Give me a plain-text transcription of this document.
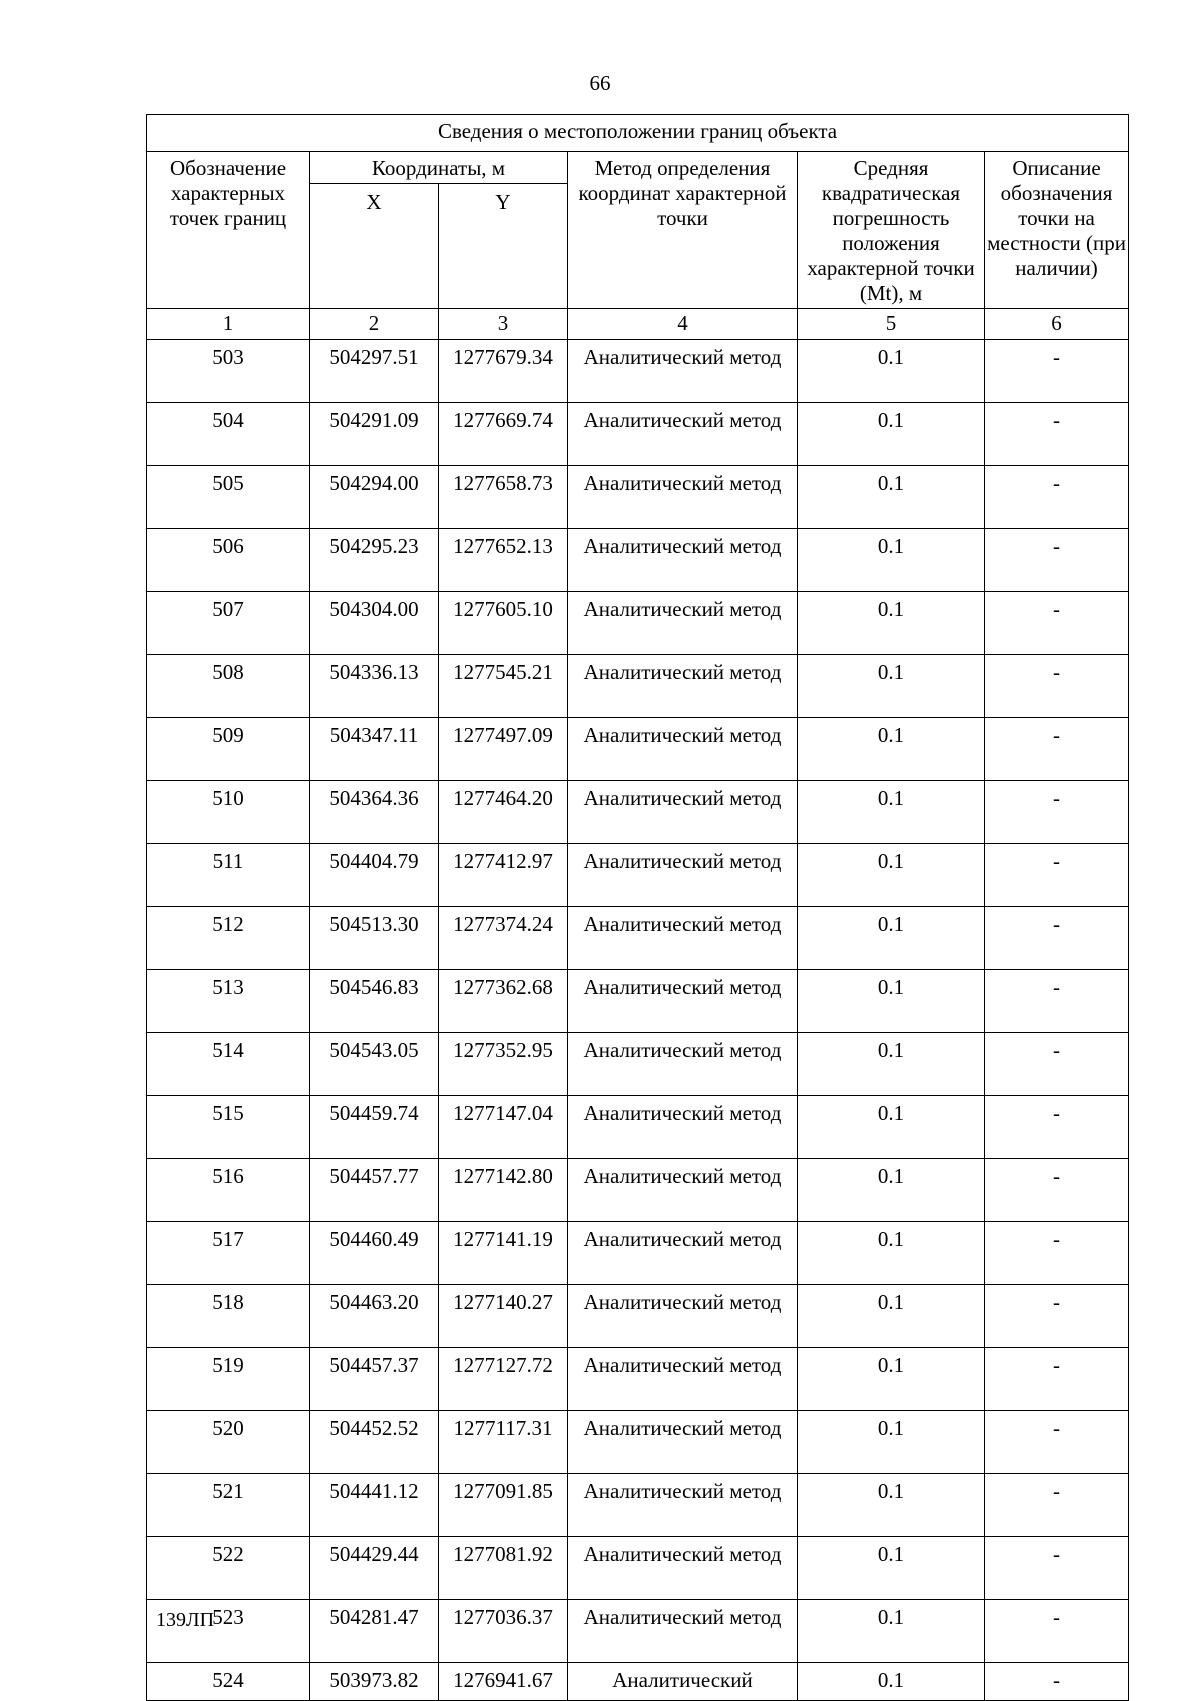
66
Сведения о местоположении границ объекта					
Обозначение характерных точек границ	Координаты, м		Метод определения координат характерной точки	Средняя квадратическая погрешность положения характерной точки (Mt), м	Описание обозначения точки на местности (при наличии)
	X	Y			
1	2	3	4	5	6
503	504297.51	1277679.34	Аналитический метод	0.1	-
504	504291.09	1277669.74	Аналитический метод	0.1	-
505	504294.00	1277658.73	Аналитический метод	0.1	-
506	504295.23	1277652.13	Аналитический метод	0.1	-
507	504304.00	1277605.10	Аналитический метод	0.1	-
508	504336.13	1277545.21	Аналитический метод	0.1	-
509	504347.11	1277497.09	Аналитический метод	0.1	-
510	504364.36	1277464.20	Аналитический метод	0.1	-
511	504404.79	1277412.97	Аналитический метод	0.1	-
512	504513.30	1277374.24	Аналитический метод	0.1	-
513	504546.83	1277362.68	Аналитический метод	0.1	-
514	504543.05	1277352.95	Аналитический метод	0.1	-
515	504459.74	1277147.04	Аналитический метод	0.1	-
516	504457.77	1277142.80	Аналитический метод	0.1	-
517	504460.49	1277141.19	Аналитический метод	0.1	-
518	504463.20	1277140.27	Аналитический метод	0.1	-
519	504457.37	1277127.72	Аналитический метод	0.1	-
520	504452.52	1277117.31	Аналитический метод	0.1	-
521	504441.12	1277091.85	Аналитический метод	0.1	-
522	504429.44	1277081.92	Аналитический метод	0.1	-
523	504281.47	1277036.37	Аналитический метод	0.1	-
524	503973.82	1276941.67	Аналитический	0.1	-
139ЛП
